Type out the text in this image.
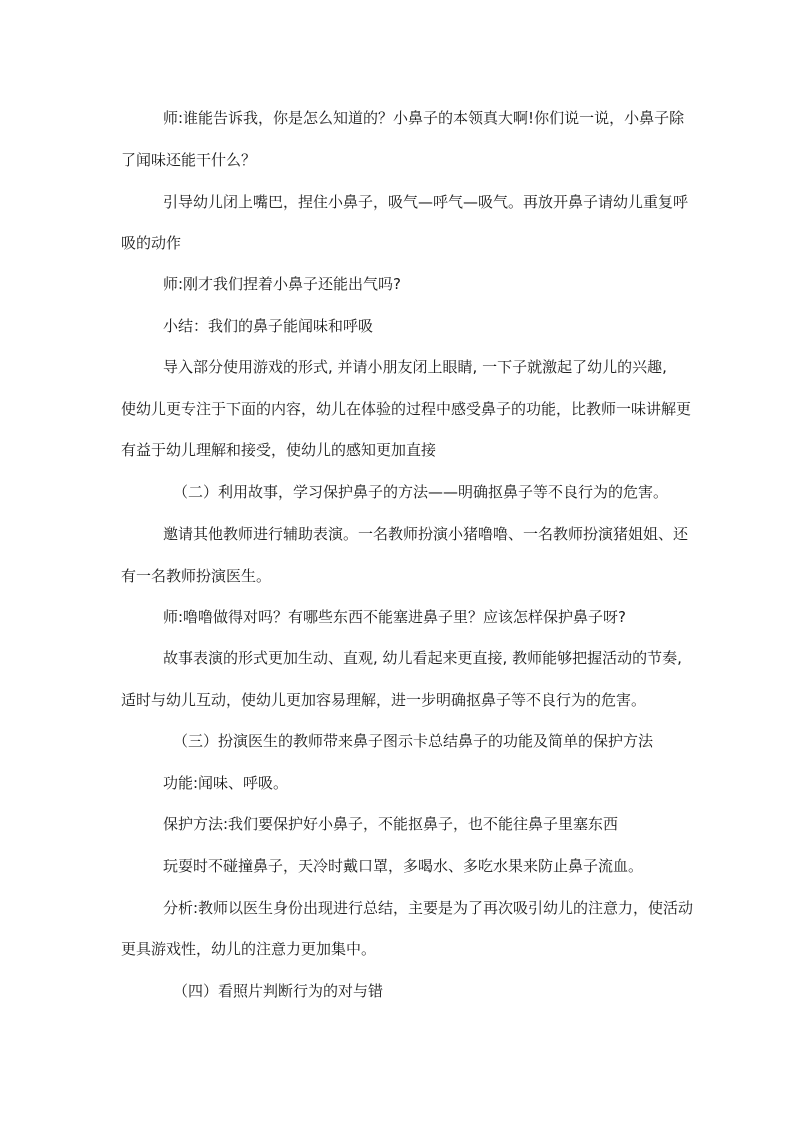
师:谁能告诉我，你是怎么知道的？小鼻子的本领真大啊!你们说一说，小鼻子除

了闻味还能干什么？

引导幼儿闭上嘴巴，捏住小鼻子，吸气—呼气—吸气。再放开鼻子请幼儿重复呼

吸的动作

师:刚才我们捏着小鼻子还能出气吗?

小结：我们的鼻子能闻味和呼吸

导入部分使用游戏的形式, 并请小朋友闭上眼睛, 一下子就激起了幼儿的兴趣,

使幼儿更专注于下面的内容，幼儿在体验的过程中感受鼻子的功能，比教师一味讲解更

有益于幼儿理解和接受，使幼儿的感知更加直接

（二）利用故事，学习保护鼻子的方法——明确抠鼻子等不良行为的危害。

邀请其他教师进行辅助表演。一名教师扮演小猪噜噜、一名教师扮演猪姐姐、还

有一名教师扮演医生。

师:噜噜做得对吗？有哪些东西不能塞进鼻子里？应该怎样保护鼻子呀?

故事表演的形式更加生动、直观, 幼儿看起来更直接, 教师能够把握活动的节奏,

适时与幼儿互动，使幼儿更加容易理解，进一步明确抠鼻子等不良行为的危害。

（三）扮演医生的教师带来鼻子图示卡总结鼻子的功能及简单的保护方法

功能:闻味、呼吸。

保护方法:我们要保护好小鼻子，不能抠鼻子，也不能往鼻子里塞东西

玩耍时不碰撞鼻子，天冷时戴口罩，多喝水、多吃水果来防止鼻子流血。

分析:教师以医生身份出现进行总结，主要是为了再次吸引幼儿的注意力，使活动

更具游戏性，幼儿的注意力更加集中。

（四）看照片判断行为的对与错
